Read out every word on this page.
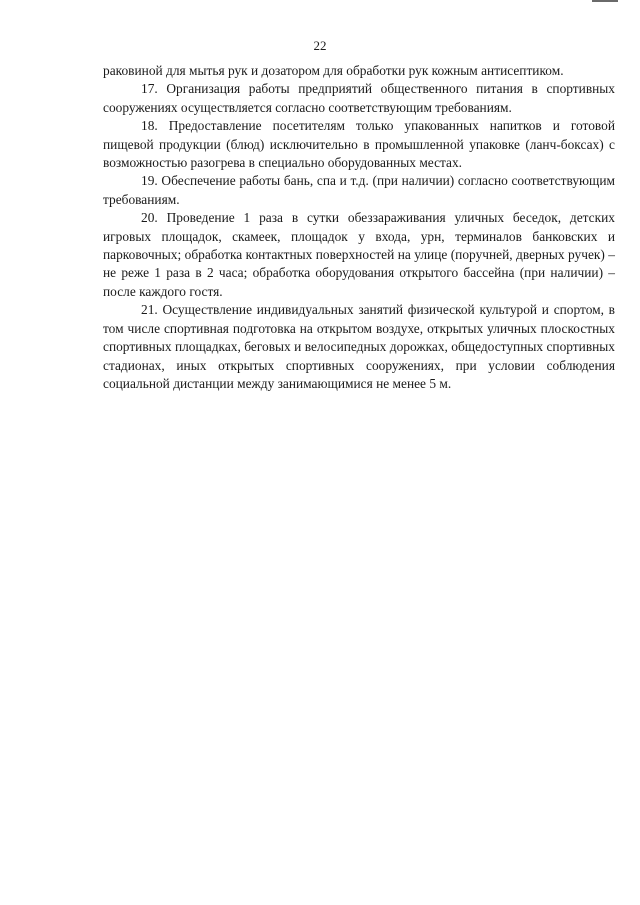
22

раковиной для мытья рук и дозатором для обработки рук кожным антисептиком.

17. Организация работы предприятий общественного питания в спортивных сооружениях осуществляется согласно соответствующим требованиям.

18. Предоставление посетителям только упакованных напитков и готовой пищевой продукции (блюд) исключительно в промышленной упаковке (ланч-боксах) с возможностью разогрева в специально оборудованных местах.

19. Обеспечение работы бань, спа и т.д. (при наличии) согласно соответствующим требованиям.

20. Проведение 1 раза в сутки обеззараживания уличных беседок, детских игровых площадок, скамеек, площадок у входа, урн, терминалов банковских и парковочных; обработка контактных поверхностей на улице (поручней, дверных ручек) – не реже 1 раза в 2 часа; обработка оборудования открытого бассейна (при наличии) – после каждого гостя.

21. Осуществление индивидуальных занятий физической культурой и спортом, в том числе спортивная подготовка на открытом воздухе, открытых уличных плоскостных спортивных площадках, беговых и велосипедных дорожках, общедоступных спортивных стадионах, иных открытых спортивных сооружениях, при условии соблюдения социальной дистанции между занимающимися не менее 5 м.
